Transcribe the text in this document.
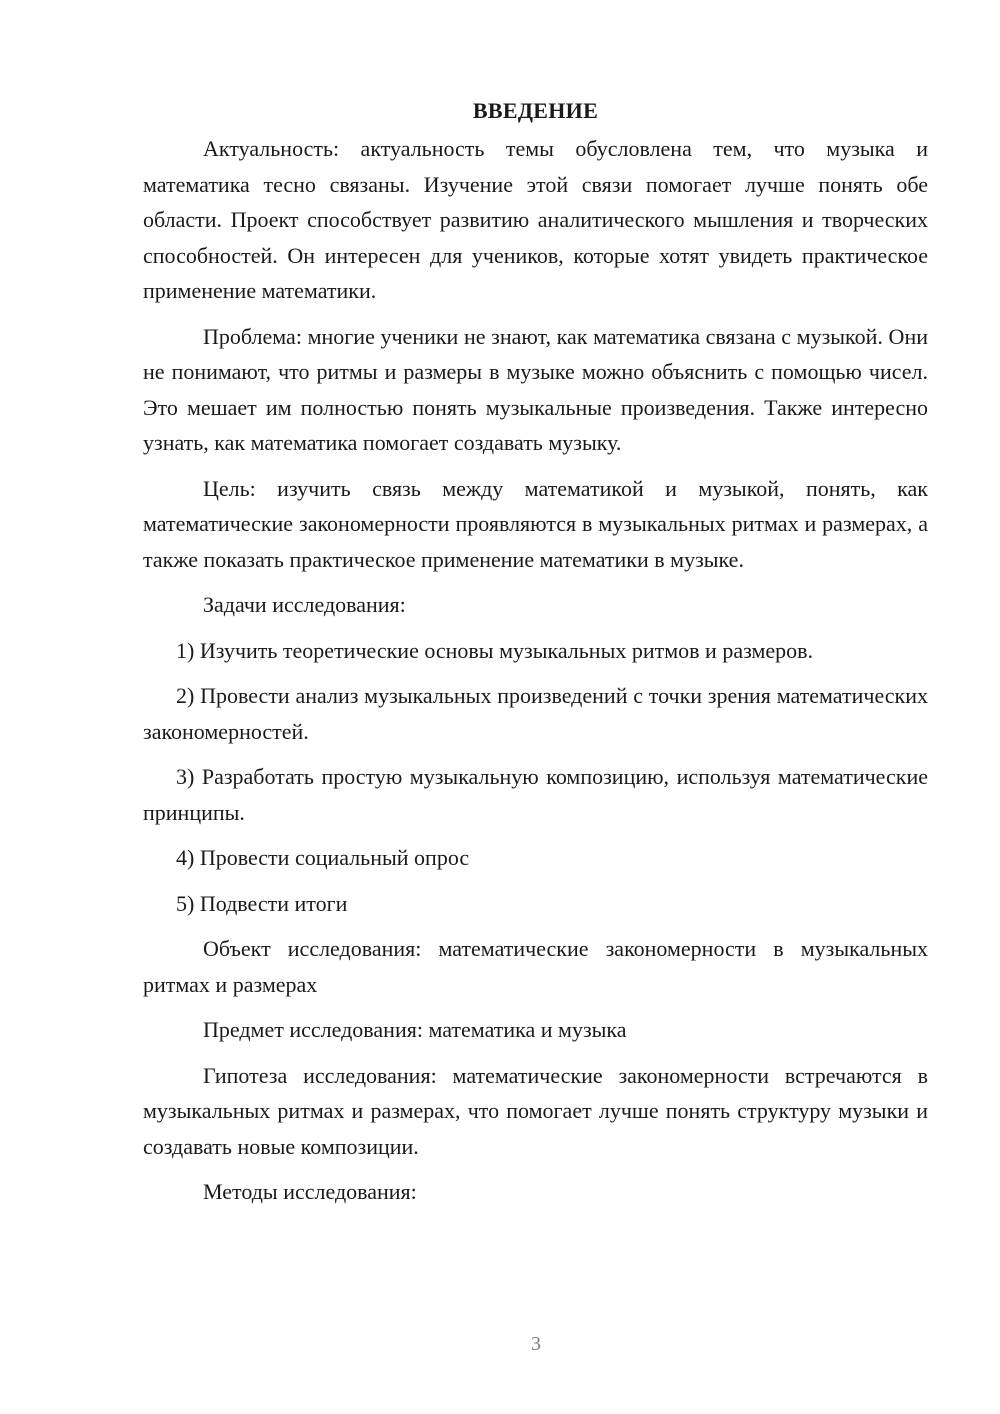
ВВЕДЕНИЕ

Актуальность: актуальность темы обусловлена тем, что музыка и математика тесно связаны. Изучение этой связи помогает лучше понять обе области. Проект способствует развитию аналитического мышления и творческих способностей. Он интересен для учеников, которые хотят увидеть практическое применение математики.

Проблема: многие ученики не знают, как математика связана с музыкой. Они не понимают, что ритмы и размеры в музыке можно объяснить с помощью чисел. Это мешает им полностью понять музыкальные произведения. Также интересно узнать, как математика помогает создавать музыку.

Цель: изучить связь между математикой и музыкой, понять, как математические закономерности проявляются в музыкальных ритмах и размерах, а также показать практическое применение математики в музыке.

Задачи исследования:

1) Изучить теоретические основы музыкальных ритмов и размеров.

2) Провести анализ музыкальных произведений с точки зрения математических закономерностей.

3) Разработать простую музыкальную композицию, используя математические принципы.

4) Провести социальный опрос

5) Подвести итоги

Объект исследования: математические закономерности в музыкальных ритмах и размерах

Предмет исследования: математика и музыка

Гипотеза исследования: математические закономерности встречаются в музыкальных ритмах и размерах, что помогает лучше понять структуру музыки и создавать новые композиции.

Методы исследования:

3
